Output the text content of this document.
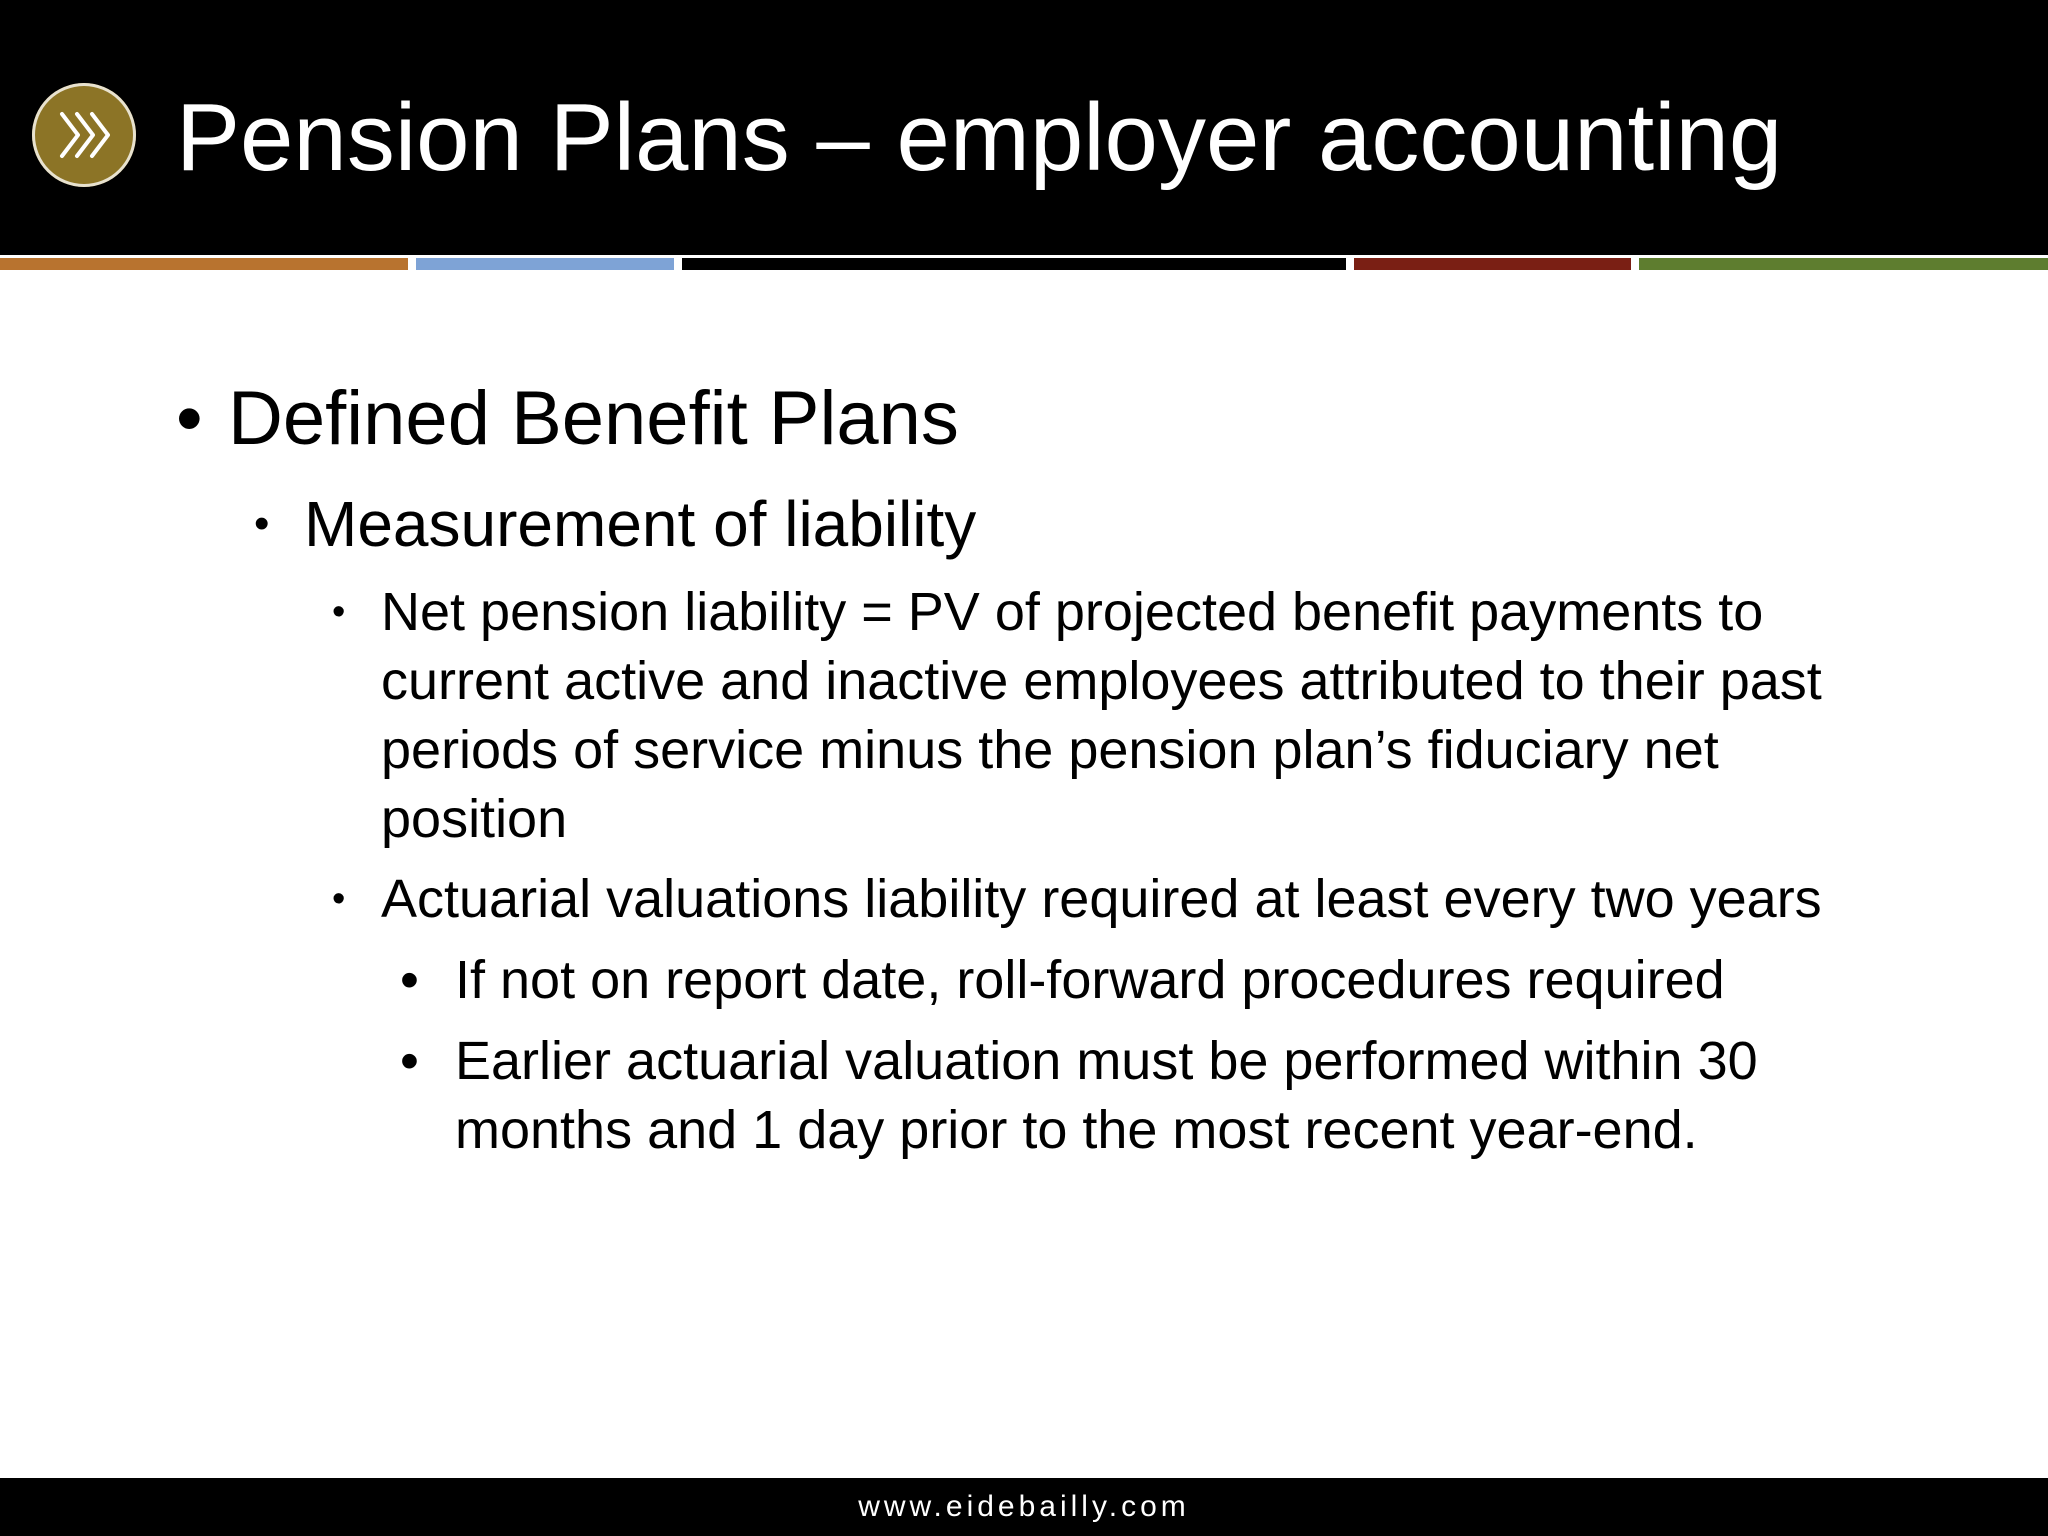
Pension Plans – employer accounting
• Defined Benefit Plans
• Measurement of liability
• Net pension liability = PV of projected benefit payments to current active and inactive employees attributed to their past periods of service minus the pension plan’s fiduciary net position
• Actuarial valuations liability required at least every two years
• If not on report date, roll-forward procedures required
• Earlier actuarial valuation must be performed within 30 months and 1 day prior to the most recent year-end.
www.eidebailly.com
